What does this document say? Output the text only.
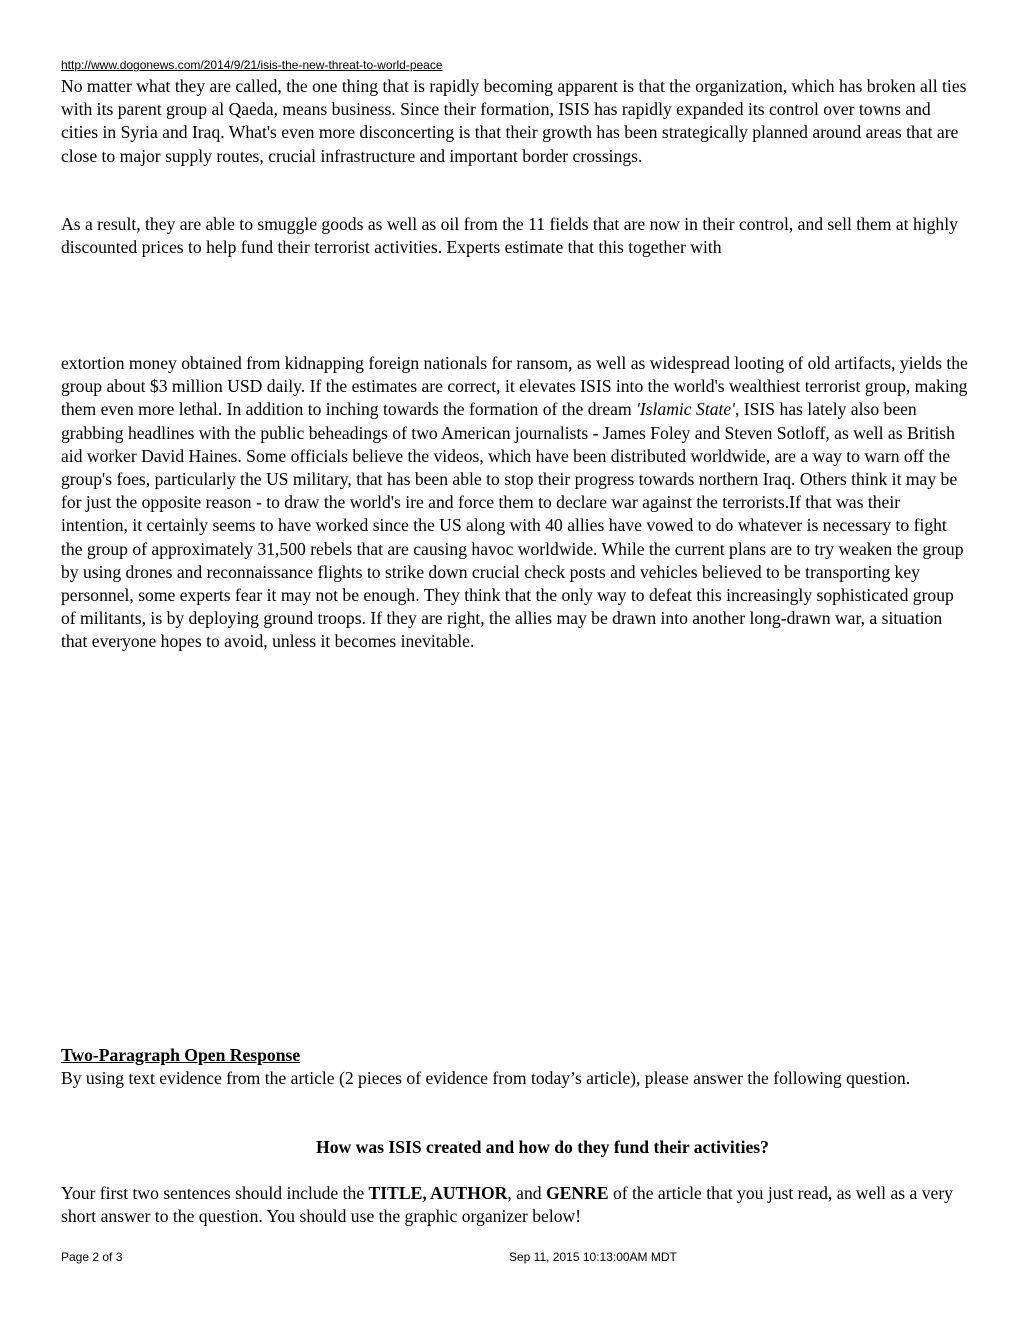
http://www.dogonews.com/2014/9/21/isis-the-new-threat-to-world-peace

No matter what they are called, the one thing that is rapidly becoming apparent is that the organization, which has broken all ties with its parent group al Qaeda, means business. Since their formation, ISIS has rapidly expanded its control over towns and cities in Syria and Iraq. What's even more disconcerting is that their growth has been strategically planned around areas that are close to major supply routes, crucial infrastructure and important border crossings.

As a result, they are able to smuggle goods as well as oil from the 11 fields that are now in their control, and sell them at highly discounted prices to help fund their terrorist activities. Experts estimate that this together with

extortion money obtained from kidnapping foreign nationals for ransom, as well as widespread looting of old artifacts, yields the group about $3 million USD daily. If the estimates are correct, it elevates ISIS into the world's wealthiest terrorist group, making them even more lethal. In addition to inching towards the formation of the dream 'Islamic State', ISIS has lately also been grabbing headlines with the public beheadings of two American journalists - James Foley and Steven Sotloff, as well as British aid worker David Haines. Some officials believe the videos, which have been distributed worldwide, are a way to warn off the group's foes, particularly the US military, that has been able to stop their progress towards northern Iraq. Others think it may be for just the opposite reason - to draw the world's ire and force them to declare war against the terrorists.If that was their intention, it certainly seems to have worked since the US along with 40 allies have vowed to do whatever is necessary to fight the group of approximately 31,500 rebels that are causing havoc worldwide. While the current plans are to try weaken the group by using drones and reconnaissance flights to strike down crucial check posts and vehicles believed to be transporting key personnel, some experts fear it may not be enough. They think that the only way to defeat this increasingly sophisticated group of militants, is by deploying ground troops. If they are right, the allies may be drawn into another long-drawn war, a situation that everyone hopes to avoid, unless it becomes inevitable.

Two-Paragraph Open Response

By using text evidence from the article (2 pieces of evidence from today’s article), please answer the following question.

How was ISIS created and how do they fund their activities?

Your first two sentences should include the TITLE, AUTHOR, and GENRE of the article that you just read, as well as a very short answer to the question. You should use the graphic organizer below!

Page 2 of 3	Sep 11, 2015 10:13:00AM MDT
